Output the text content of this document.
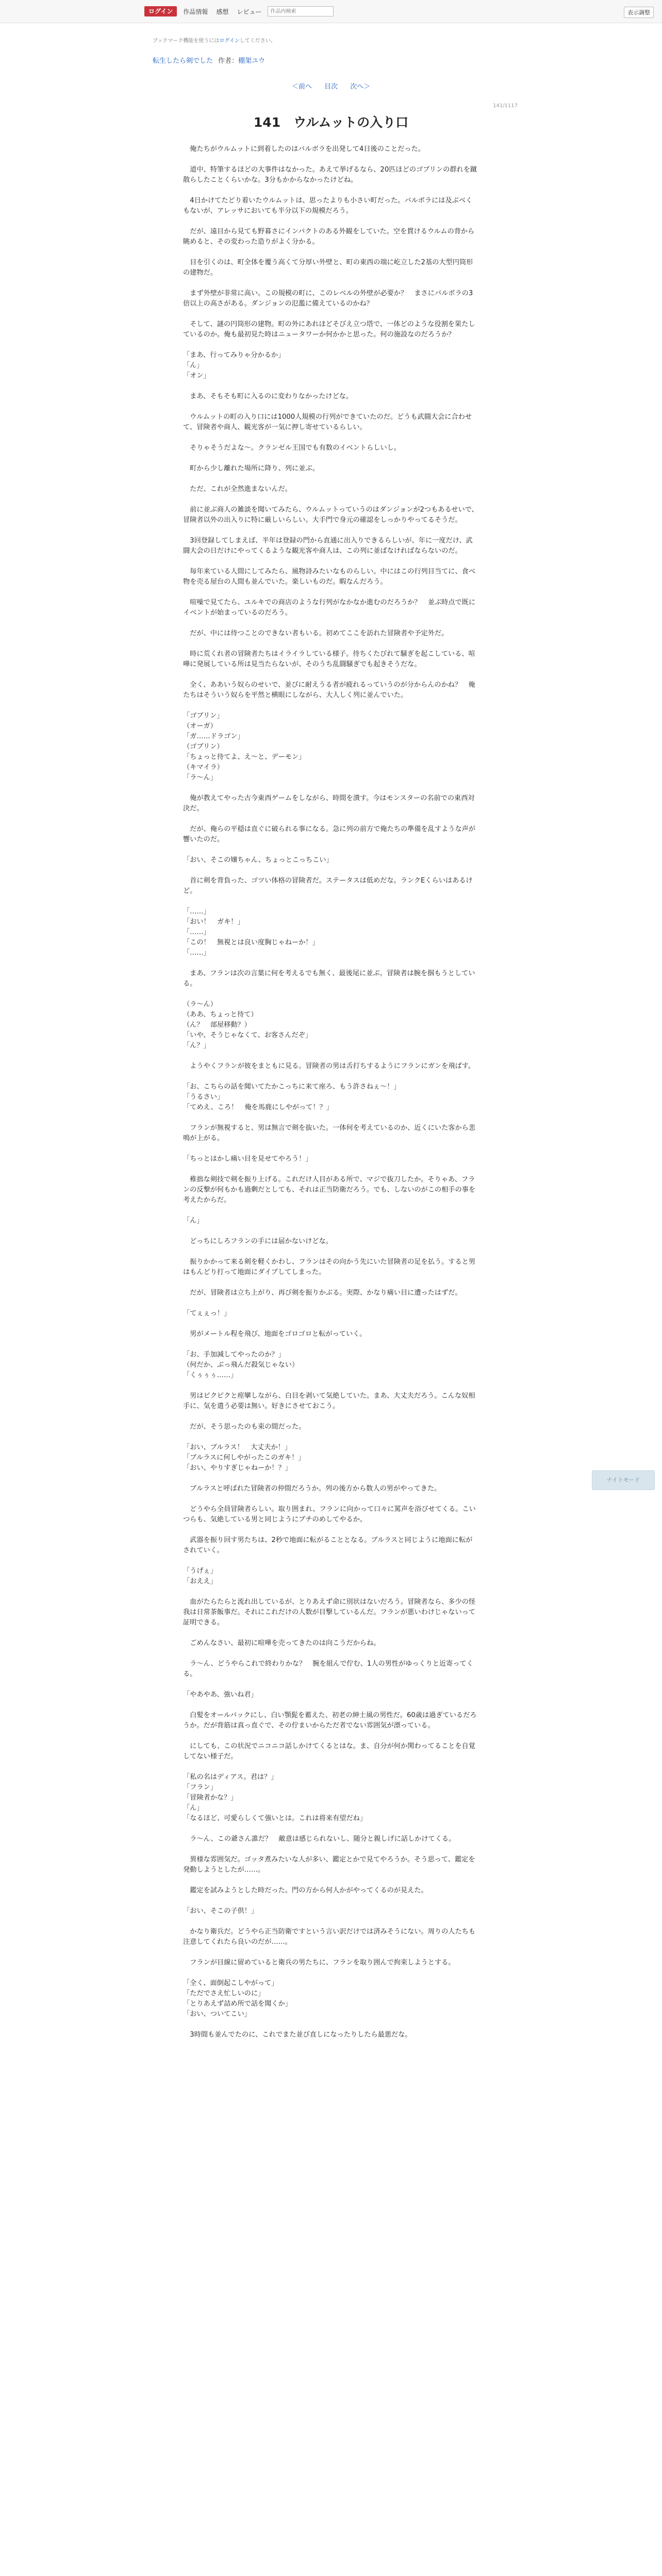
ログイン	作品情報	感想	レビュー
作品内検索	表示調整
ブックマーク機能を使うにはログインしてください。
転生したら剣でした 作者：棚架ユウ
＜前へ 目次 次へ＞
141/1117
141　ウルムットの入り口

　俺たちがウルムットに到着したのはバルボラを出発して4日後のことだった。

　道中、特筆するほどの大事件はなかった。あえて挙げるなら、20匹ほどのゴブリンの群れを蹴散らしたことくらいかな。3分もかからなかったけどね。

　4日かけてたどり着いたウルムットは、思ったよりも小さい町だった。バルボラには及ぶべくもないが、アレッサにおいても半分以下の規模だろう。

　だが、遠目から見ても野暮さにインパクトのある外観をしていた。空を貫けるウルムの背から眺めると、その変わった造りがよく分かる。

　目を引くのは、町全体を覆う高くて分厚い外壁と、町の東西の端に屹立した2基の大型円筒形の建物だ。

　まず外壁が非常に高い。この規模の町に、このレベルの外壁が必要か？　まさにバルボラの3倍以上の高さがある。ダンジョンの氾濫に備えているのかね？

　そして、謎の円筒形の建物。町の外にあれほどそびえ立つ塔で、一体どのような役割を果たしているのか。俺も最初見た時はニュータワーか何かかと思った。何の施設なのだろうか？

「まあ、行ってみりゃ分かるか」

「ん」

「オン」

　まあ、そもそも町に入るのに変わりなかったけどな。

　ウルムットの町の入り口には1000人規模の行列ができていたのだ。どうも武闘大会に合わせて、冒険者や商人、観光客が一気に押し寄せているらしい。

　そりゃそうだよな～。クランゼル王国でも有数のイベントらしいし。

　町から少し離れた場所に降り、列に並ぶ。

　ただ、これが全然進まないんだ。

　前に並ぶ商人の雑談を聞いてみたら、ウルムットっていうのはダンジョンが2つもあるせいで、冒険者以外の出入りに特に厳しいらしい。大手門で身元の確認をしっかりやってるそうだ。

　3回登録してしまえば、半年は登録の門から直通に出入りできるらしいが、年に一度だけ、武闘大会の日だけにやってくるような観光客や商人は、この列に並ばなければならないのだ。

　毎年来ている人間にしてみたら、風物詩みたいなものらしい。中にはこの行列目当てに、食べ物を売る屋台の人間も並んでいた。楽しいものだ。暇なんだろう。

　喧噪で見てたら、ユルキでの商店のような行列がなかなか進むのだろうか？　並ぶ時点で既にイベントが始まっているのだろう。

　だが、中には待つことのできない者もいる。初めてここを訪れた冒険者や予定外だ。

　時に荒くれ者の冒険者たちはイライラしている様子。待ちくたびれて騒ぎを起こしている、喧嘩に発展している所は見当たらないが、そのうち乱闘騒ぎでも起きそうだな。

　全く、ああいう奴らのせいで、並びに耐えうる者が疲れるっていうのが分からんのかね？　俺たちはそういう奴らを平然と横眼にしながら、大人しく列に並んでいた。

「ゴブリン」

（オーガ）

「ガ……ドラゴン」

（ゴブリン）

「ちょっと待てよ、え～と、デーモン」

（キマイラ）

「ラ～ん」

　俺が教えてやった古今東西ゲームをしながら、時間を潰す。今はモンスターの名前での東西対決だ。

　だが、俺らの平穏は直ぐに破られる事になる。急に列の前方で俺たちの準備を乱すような声が響いたのだ。

「おい、そこの嬢ちゃん、ちょっとこっちこい」

　首に剣を背負った、ゴツい体格の冒険者だ。ステータスは低めだな。ランクEくらいはあるけど。

「……」

「おい！　ガキ！」

「……」

「この！　無視とは良い度胸じゃねーか！」

「……」

　まあ、フランは次の言葉に何を考えるでも無く、最後尾に並ぶ。冒険者は腕を掴もうとしている。

（ラ～ん）

（ああ、ちょっと待て）

（ん？　部屋移動？）

「いや、そうじゃなくて、お客さんだぞ」

「ん？」

　ようやくフランが彼をまともに見る。冒険者の男は舌打ちするようにフランにガンを飛ばす。

「お、こちらの話を聞いてたかこっちに来て座ろ、もう許さねぇ～！」

「うるさい」

「てめえ、ころ！　俺を馬鹿にしやがって！？」

　フランが無視すると、男は無言で剣を抜いた。一体何を考えているのか、近くにいた客から悲鳴が上がる。

「ちっとはかし痛い目を見せてやろう！」

　稚拙な剣技で剣を振り上げる。これだけ人目がある所で、マジで抜刀したか。そりゃあ、フランの反撃が何もかも過剰だとしても、それは正当防衛だろう。でも、しないのがこの相手の事を考えたからだ。

「ん」

　どっちにしろフランの手には届かないけどな。

　振りかかって来る剣を軽くかわし、フランはその向かう先にいた冒険者の足を払う。すると男はもんどり打って地面にダイブしてしまった。

　だが、冒険者は立ち上がり、再び剣を振りかぶる。実際、かなり痛い目に遭ったはずだ。

「てぇぇっ！」

　男がメートル程を飛び、地面をゴロゴロと転がっていく。

「お、手加減してやったのか？」

（何だか、ぶっ飛んだ殺気じゃない）

「くぅぅぅ……」

　男はピクピクと痙攣しながら、白目を剥いて気絶していた。まあ、大丈夫だろう。こんな奴相手に、気を遣う必要は無い。好きにさせておこう。

　だが、そう思ったのも束の間だった。

「おい、ブルラス！　大丈夫か！」

「ブルラスに何しやがったこのガキ！」

「おい、やりすぎじゃねーか！？」

　ブルラスと呼ばれた冒険者の仲間だろうか。列の後方から数人の男がやってきた。

　どうやら全員冒険者らしい。取り囲まれ、フランに向かって口々に罵声を浴びせてくる。こいつらも、気絶している男と同じようにブチのめしてやるか。

　武器を振り回す男たちは、2秒で地面に転がることとなる。ブルラスと同じように地面に転がされていく。

「うげぇ」

「おええ」

　血がたらたらと流れ出しているが、とりあえず命に別状はないだろう。冒険者なら、多少の怪我は日常茶飯事だ。それにこれだけの人数が目撃しているんだ。フランが悪いわけじゃないって証明できる。

　ごめんなさい、最初に喧嘩を売ってきたのは向こうだからね。

　ラ～ん、どうやらこれで終わりかな？　腕を組んで佇む、1人の男性がゆっくりと近寄ってくる。

「やあやあ、強いね君」

　白髪をオールバックにし、白い顎髭を蓄えた、初老の紳士風の男性だ。60歳は過ぎているだろうか。だが背筋は真っ直ぐで、その佇まいからただ者でない雰囲気が漂っている。

　にしても、この状況でニコニコ話しかけてくるとはな。ま、自分が何か関わってることを自覚してない様子だ。

「私の名はディアス。君は？」

「フラン」

「冒険者かな？」

「ん」

「なるほど、可愛らしくて強いとは。これは将来有望だね」

　ラ～ん、この爺さん誰だ？　敵意は感じられないし、随分と親しげに話しかけてくる。

　異様な雰囲気だ。ゴッタ煮みたいな人が多い、鑑定とかで見てやろうか。そう思って、鑑定を発動しようとしたが……。

　鑑定を試みようとした時だった。門の方から何人かがやってくるのが見えた。

「おい、そこの子供！」

　かなり衛兵だ。どうやら正当防衛ですという言い訳だけでは済みそうにない。周りの人たちも注意してくれたら良いのだが……。

　フランが目線に留めていると衛兵の男たちに、フランを取り囲んで拘束しようとする。

「全く、面倒起こしやがって」

「ただでさえ忙しいのに」

「とりあえず詰め所で話を聞くか」

「おい、ついてこい」

　3時間も並んでたのに、これでまた並び直しになったりしたら最悪だな。

ナイトモード
